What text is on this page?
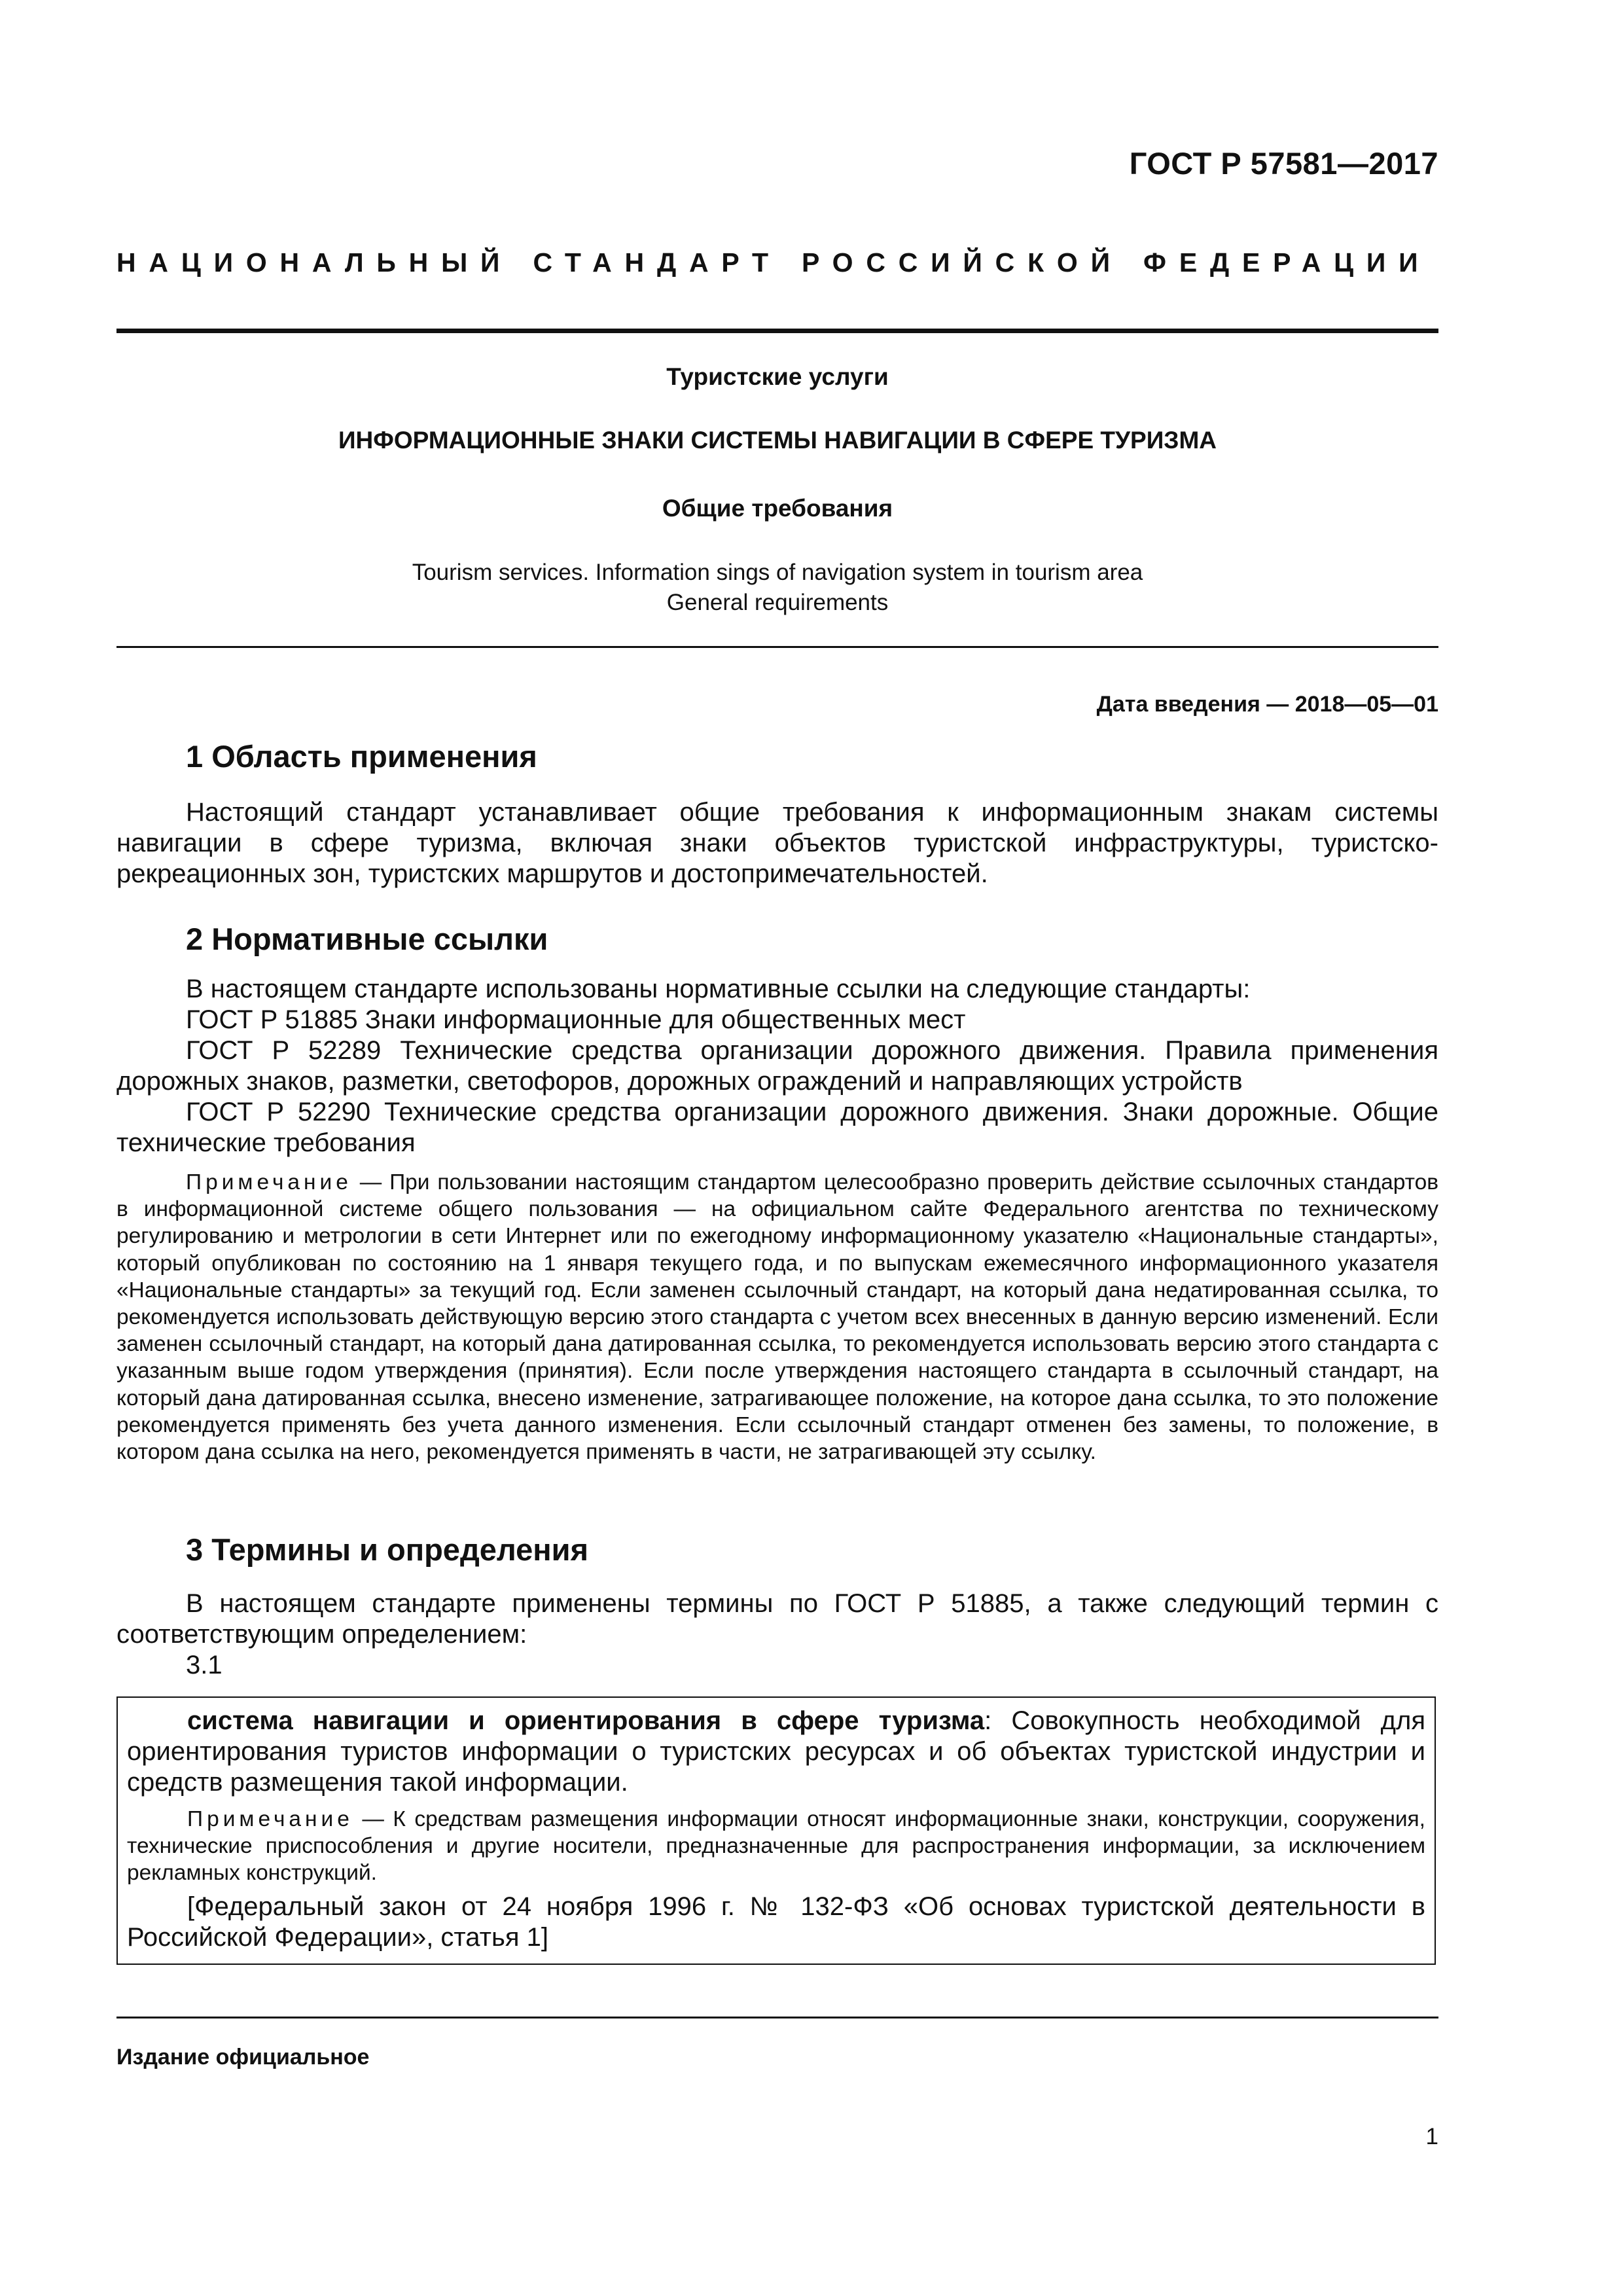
ГОСТ Р 57581—2017
НАЦИОНАЛЬНЫЙ СТАНДАРТ РОССИЙСКОЙ ФЕДЕРАЦИИ
Туристские услуги
ИНФОРМАЦИОННЫЕ ЗНАКИ СИСТЕМЫ НАВИГАЦИИ В СФЕРЕ ТУРИЗМА
Общие требования
Tourism services. Information sings of navigation system in tourism area
General requirements
Дата введения — 2018—05—01
1 Область применения
Настоящий стандарт устанавливает общие требования к информационным знакам системы навигации в сфере туризма, включая знаки объектов туристской инфраструктуры, туристско-рекреационных зон, туристских маршрутов и достопримечательностей.
2 Нормативные ссылки
В настоящем стандарте использованы нормативные ссылки на следующие стандарты:
ГОСТ Р 51885 Знаки информационные для общественных мест
ГОСТ Р 52289 Технические средства организации дорожного движения. Правила применения дорожных знаков, разметки, светофоров, дорожных ограждений и направляющих устройств
ГОСТ Р 52290 Технические средства организации дорожного движения. Знаки дорожные. Общие технические требования
Примечание — При пользовании настоящим стандартом целесообразно проверить действие ссылочных стандартов в информационной системе общего пользования — на официальном сайте Федерального агентства по техническому регулированию и метрологии в сети Интернет или по ежегодному информационному указателю «Национальные стандарты», который опубликован по состоянию на 1 января текущего года, и по выпускам ежемесячного информационного указателя «Национальные стандарты» за текущий год. Если заменен ссылочный стандарт, на который дана недатированная ссылка, то рекомендуется использовать действующую версию этого стандарта с учетом всех внесенных в данную версию изменений. Если заменен ссылочный стандарт, на который дана датированная ссылка, то рекомендуется использовать версию этого стандарта с указанным выше годом утверждения (принятия). Если после утверждения настоящего стандарта в ссылочный стандарт, на который дана датированная ссылка, внесено изменение, затрагивающее положение, на которое дана ссылка, то это положение рекомендуется применять без учета данного изменения. Если ссылочный стандарт отменен без замены, то положение, в котором дана ссылка на него, рекомендуется применять в части, не затрагивающей эту ссылку.
3 Термины и определения
В настоящем стандарте применены термины по ГОСТ Р 51885, а также следующий термин с соответствующим определением:
3.1
система навигации и ориентирования в сфере туризма: Совокупность необходимой для ориентирования туристов информации о туристских ресурсах и об объектах туристской индустрии и средств размещения такой информации.
Примечание — К средствам размещения информации относят информационные знаки, конструкции, сооружения, технические приспособления и другие носители, предназначенные для распространения информации, за исключением рекламных конструкций.
[Федеральный закон от 24 ноября 1996 г. № 132-ФЗ «Об основах туристской деятельности в Российской Федерации», статья 1]
Издание официальное
1
